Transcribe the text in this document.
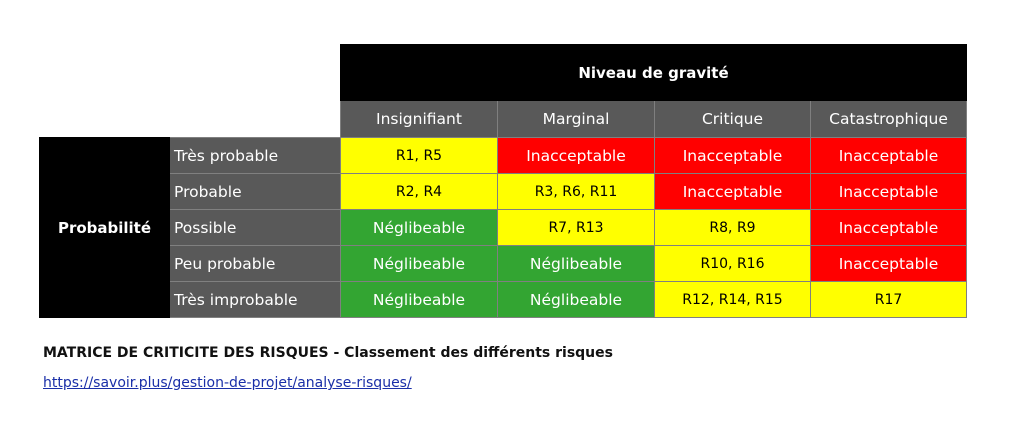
		Niveau de gravité			
		Insignifiant	Marginal	Critique	Catastrophique
Probabilité	Très probable	R1, R5	Inacceptable	Inacceptable	Inacceptable
	Probable	R2, R4	R3, R6, R11	Inacceptable	Inacceptable
	Possible	Néglibeable	R7, R13	R8, R9	Inacceptable
	Peu probable	Néglibeable	Néglibeable	R10, R16	Inacceptable
	Très improbable	Néglibeable	Néglibeable	R12, R14, R15	R17
MATRICE DE CRITICITE DES RISQUES - Classement des différents risques
https://savoir.plus/gestion-de-projet/analyse-risques/
